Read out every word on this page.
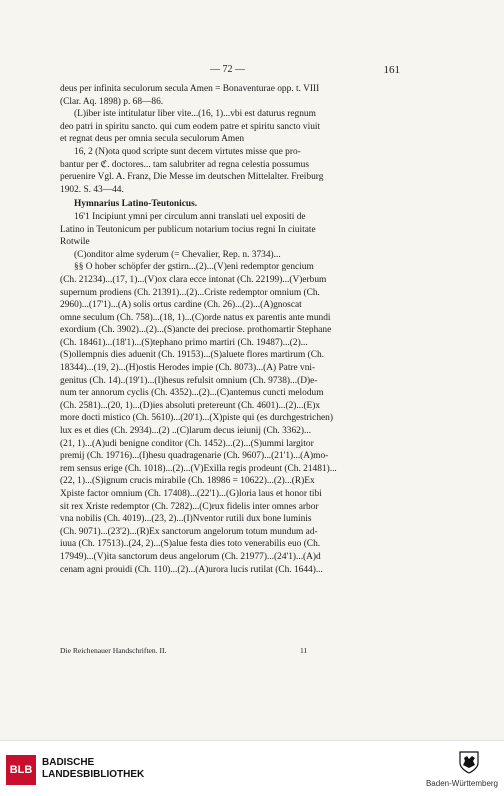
— 72 —	161

deus per infinita seculorum secula Amen = Bonaventurae opp. t. VIII

(Clar. Aq. 1898) p. 68—86.

(L)iber iste intitulatur liber vite...(16, 1)...vbi est daturus regnum

deo patri in spiritu sancto. qui cum eodem patre et spiritu sancto viuit

et regnat deus per omnia secula seculorum Amen

16, 2 (N)ota quod scripte sunt decem virtutes misse que pro-

bantur per ℭ. doctores... tam salubriter ad regna celestia possumus

peruenire Vgl. A. Franz, Die Messe im deutschen Mittelalter. Freiburg

1902. S. 43—44.

Hymnarius Latino-Teutonicus.

16'1 Incipiunt ymni per circulum anni translati uel expositi de

Latino in Teutonicum per publicum notarium tocius regni In ciuitate

Rotwile

(C)onditor alme syderum (= Chevalier, Rep. n. 3734)...

§§ O hober schöpfer der gstirn...(2)...(V)eni redemptor gencium

(Ch. 21234)...(17, 1)...(V)ox clara ecce intonat (Ch. 22199)...(V)erbum

supernum prodiens (Ch. 21391)...(2)...Criste redemptor omnium (Ch.

2960)...(17'1)...(A) solis ortus cardine (Ch. 26)...(2)...(A)gnoscat

omne seculum (Ch. 758)...(18, 1)...(C)orde natus ex parentis ante mundi

exordium (Ch. 3902)...(2)...(S)ancte dei preciose. prothomartir Stephane

(Ch. 18461)...(18'1)...(S)tephano primo martiri (Ch. 19487)...(2)...

(S)ollempnis dies aduenit (Ch. 19153)...(S)aluete flores martirum (Ch.

18344)...(19, 2)...(H)ostis Herodes impie (Ch. 8073)...(A) Patre vni-

genitus (Ch. 14)..(19'1)...(I)hesus refulsit omnium (Ch. 9738)...(D)e-

num ter annorum cyclis (Ch. 4352)...(2)...(C)antemus cuncti melodum

(Ch. 2581)...(20, 1)...(D)ies absoluti pretereunt (Ch. 4601)...(2)...(E)x

more docti mistico (Ch. 5610)...(20'1)...(X)piste qui (es durchgestrichen)

lux es et dies (Ch. 2934)...(2) ..(C)larum decus ieiunij (Ch. 3362)...

(21, 1)...(A)udi benigne conditor (Ch. 1452)...(2)...(S)ummi largitor

premij (Ch. 19716)...(I)hesu quadragenarie (Ch. 9607)...(21'1)...(A)mo-

rem sensus erige (Ch. 1018)...(2)...(V)Exilla regis prodeunt (Ch. 21481)...

(22, 1)...(S)ignum crucis mirabile (Ch. 18986 = 10622)...(2)...(R)Ex

Xpiste factor omnium (Ch. 17408)...(22'1)...(G)loria laus et honor tibi

sit rex Xriste redemptor (Ch. 7282)...(C)rux fidelis inter omnes arbor

vna nobilis (Ch. 4019)...(23, 2)...(I)Nventor rutili dux bone luminis

(Ch. 9071)...(23'2)...(R)Ex sanctorum angelorum totum mundum ad-

iuua (Ch. 17513)..(24, 2)...(S)alue festa dies toto venerabilis euo (Ch.

17949)...(V)ita sanctorum deus angelorum (Ch. 21977)...(24'1)...(A)d

cenam agni prouidi (Ch. 110)...(2)...(A)urora lucis rutilat (Ch. 1644)...

Die Reichenauer Handschriften. II.	11
BLB
BADISCHE
LANDESBIBLIOTHEK
Baden-Württemberg
